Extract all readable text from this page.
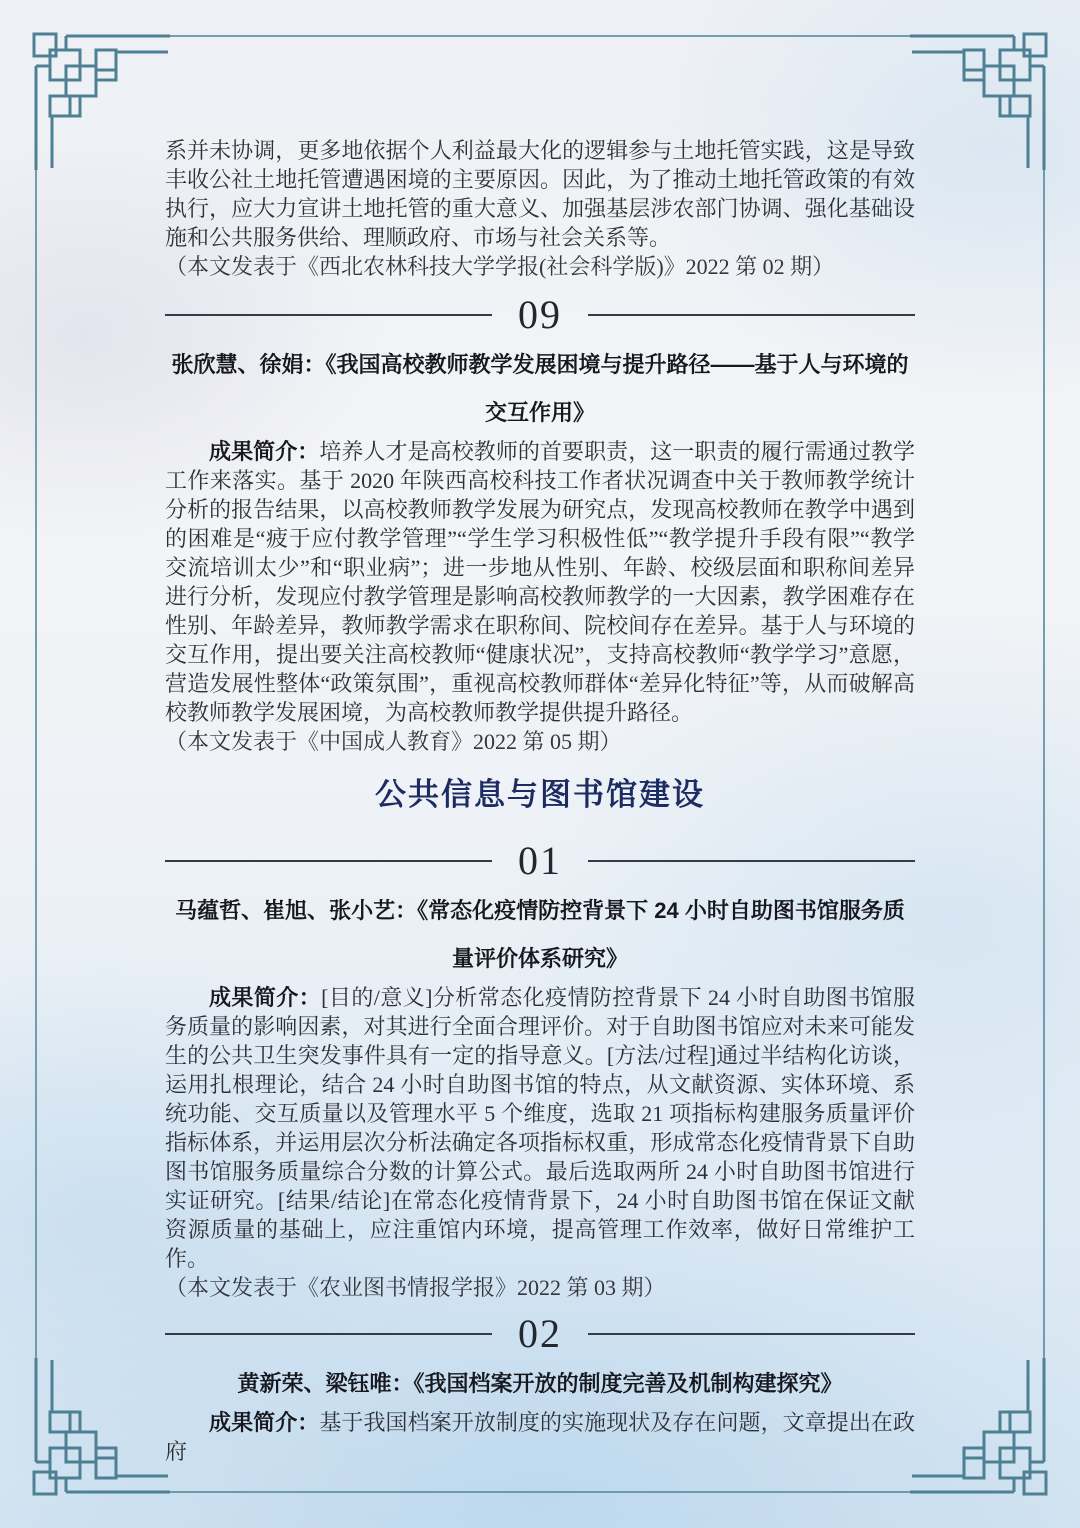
系并未协调，更多地依据个人利益最大化的逻辑参与土地托管实践，这是导致丰收公社土地托管遭遇困境的主要原因。因此，为了推动土地托管政策的有效执行，应大力宣讲土地托管的重大意义、加强基层涉农部门协调、强化基础设施和公共服务供给、理顺政府、市场与社会关系等。

（本文发表于《西北农林科技大学学报(社会科学版)》2022 第 02 期）

09

张欣慧、徐娟：《我国高校教师教学发展困境与提升路径——基于人与环境的交互作用》

成果简介：培养人才是高校教师的首要职责，这一职责的履行需通过教学工作来落实。基于 2020 年陕西高校科技工作者状况调查中关于教师教学统计分析的报告结果，以高校教师教学发展为研究点，发现高校教师在教学中遇到的困难是“疲于应付教学管理”“学生学习积极性低”“教学提升手段有限”“教学交流培训太少”和“职业病”；进一步地从性别、年龄、校级层面和职称间差异进行分析，发现应付教学管理是影响高校教师教学的一大因素，教学困难存在性别、年龄差异，教师教学需求在职称间、院校间存在差异。基于人与环境的交互作用，提出要关注高校教师“健康状况”，支持高校教师“教学学习”意愿，营造发展性整体“政策氛围”，重视高校教师群体“差异化特征”等，从而破解高校教师教学发展困境，为高校教师教学提供提升路径。

（本文发表于《中国成人教育》2022 第 05 期）

公共信息与图书馆建设
01

马蕴哲、崔旭、张小艺：《常态化疫情防控背景下 24 小时自助图书馆服务质量评价体系研究》

成果简介：[目的/意义]分析常态化疫情防控背景下 24 小时自助图书馆服务质量的影响因素，对其进行全面合理评价。对于自助图书馆应对未来可能发生的公共卫生突发事件具有一定的指导意义。[方法/过程]通过半结构化访谈，运用扎根理论，结合 24 小时自助图书馆的特点，从文献资源、实体环境、系统功能、交互质量以及管理水平 5 个维度，选取 21 项指标构建服务质量评价指标体系，并运用层次分析法确定各项指标权重，形成常态化疫情背景下自助图书馆服务质量综合分数的计算公式。最后选取两所 24 小时自助图书馆进行实证研究。[结果/结论]在常态化疫情背景下，24 小时自助图书馆在保证文献资源质量的基础上，应注重馆内环境，提高管理工作效率，做好日常维护工作。

（本文发表于《农业图书情报学报》2022 第 03 期）

02

黄新荣、梁钰唯：《我国档案开放的制度完善及机制构建探究》

成果简介：基于我国档案开放制度的实施现状及存在问题，文章提出在政府
